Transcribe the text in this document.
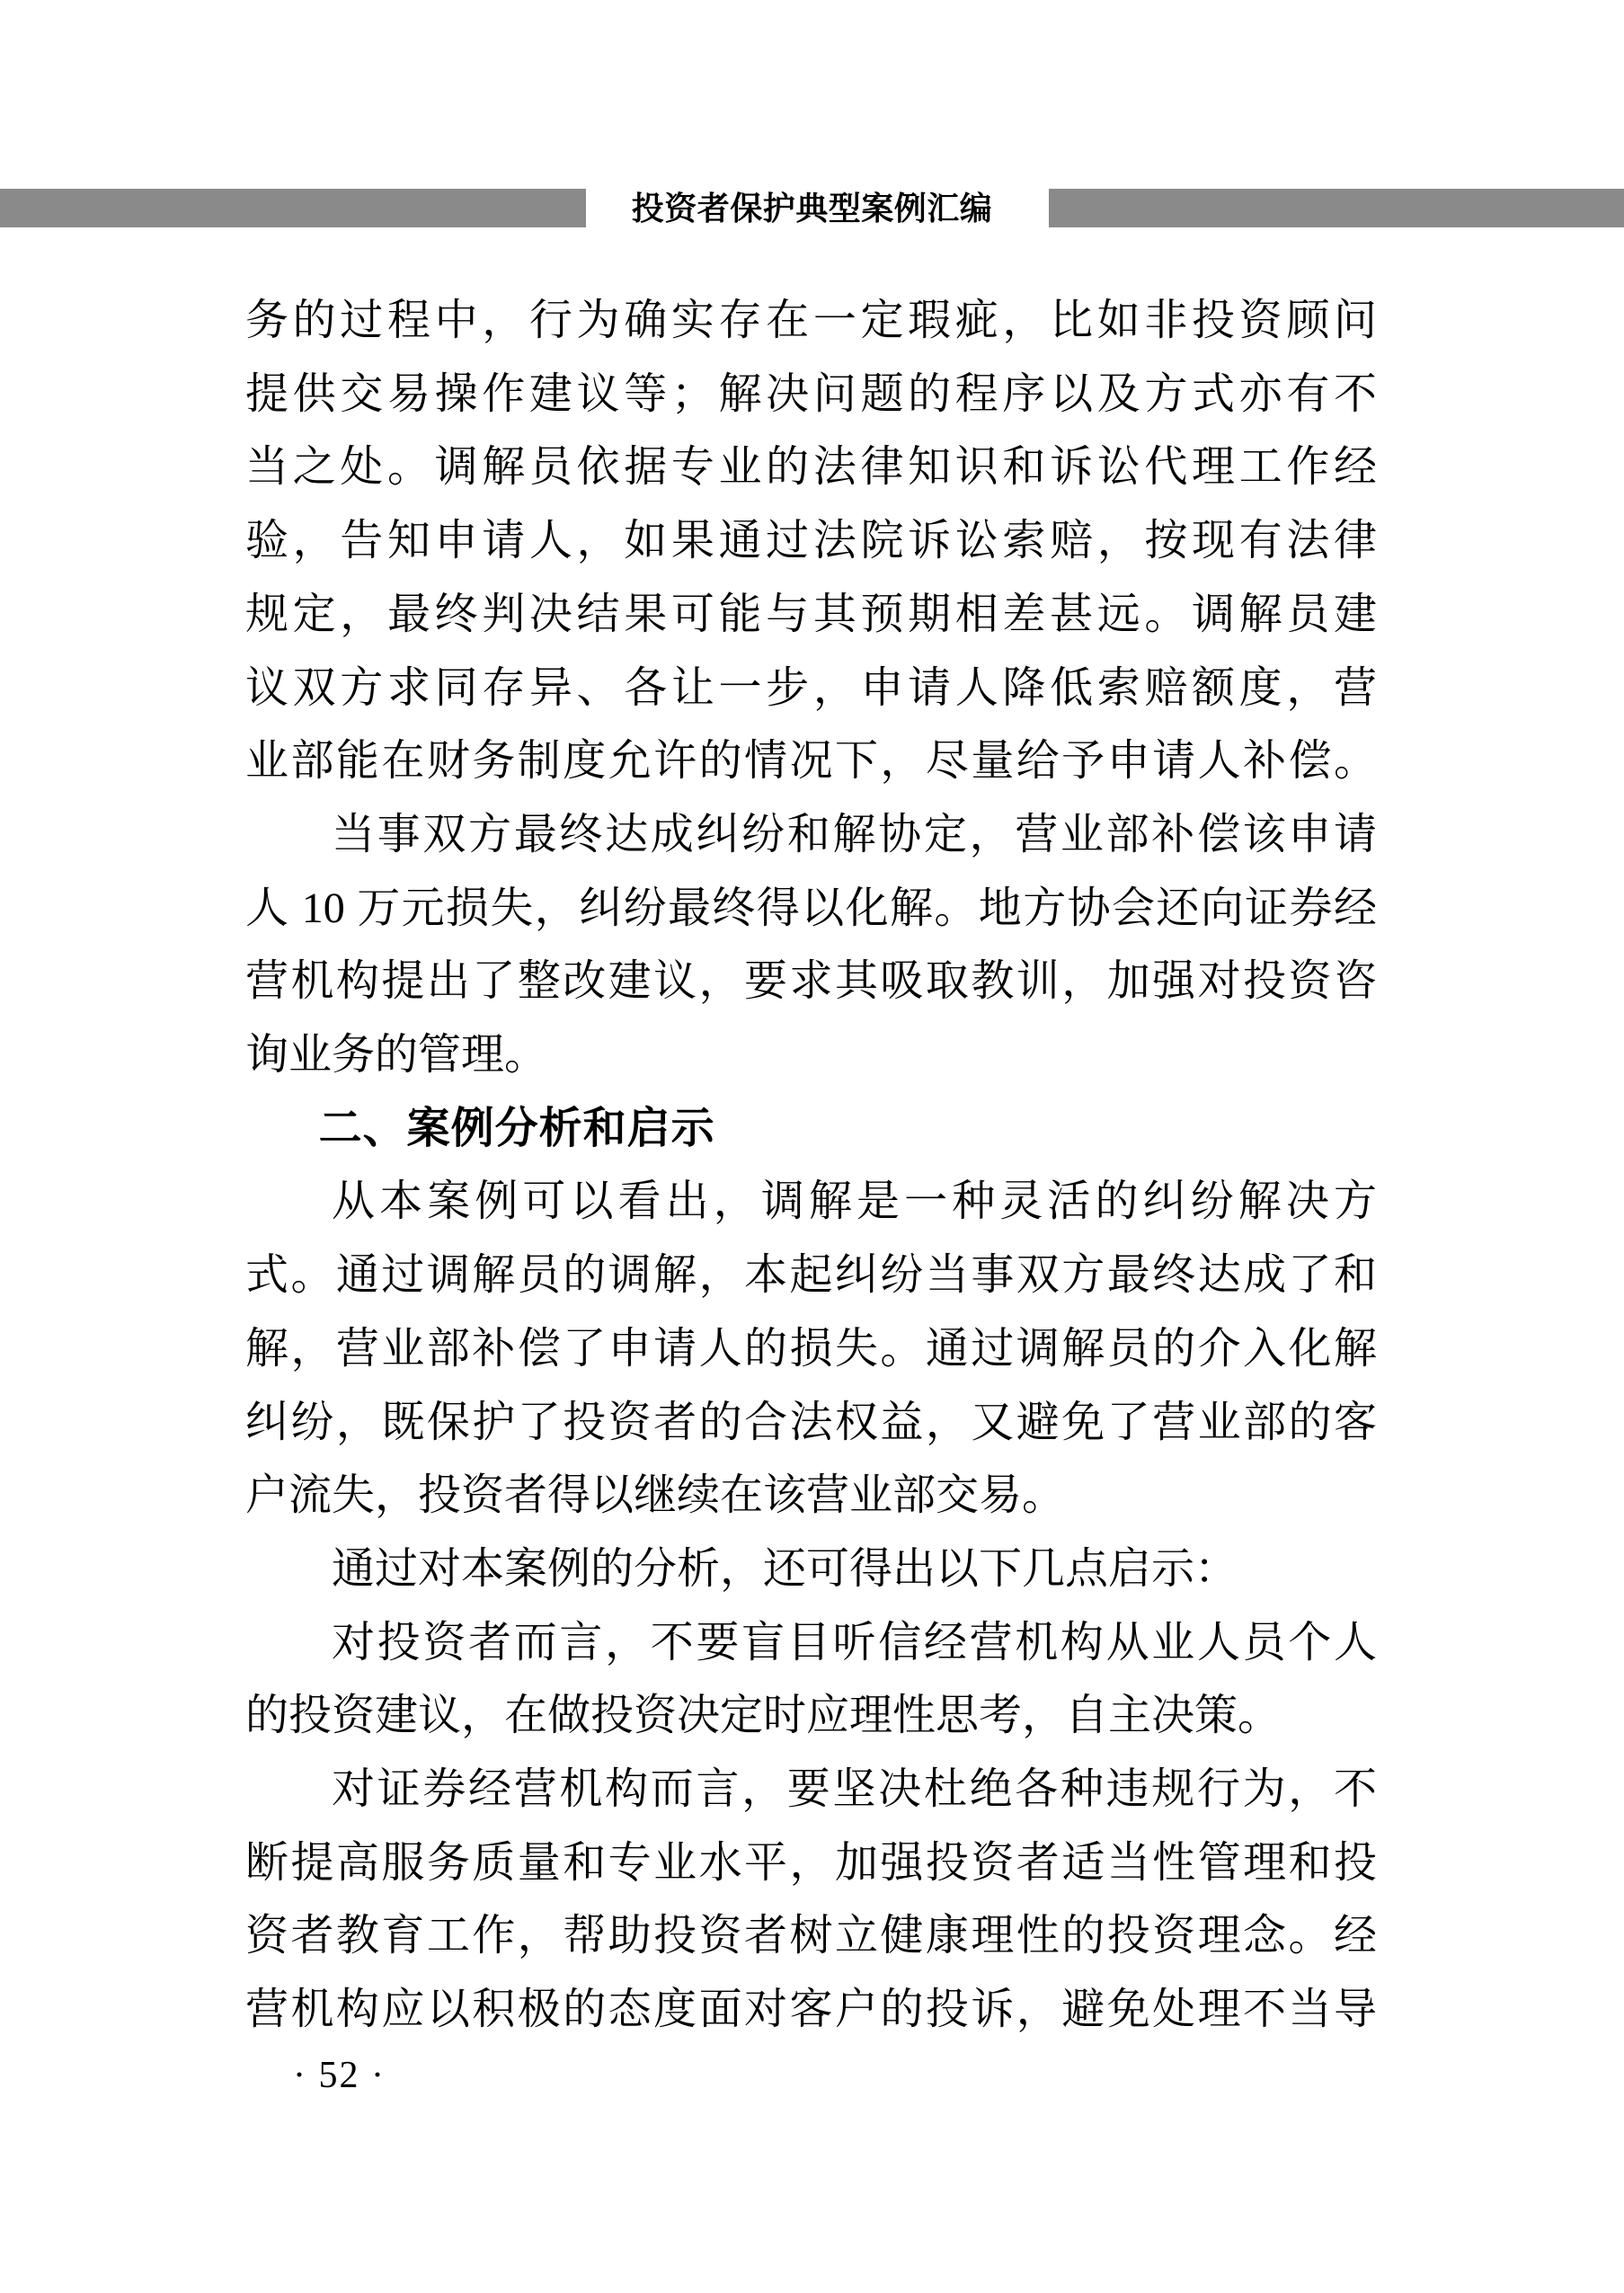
投资者保护典型案例汇编
务的过程中，行为确实存在一定瑕疵，比如非投资顾问
提供交易操作建议等；解决问题的程序以及方式亦有不
当之处。调解员依据专业的法律知识和诉讼代理工作经
验，告知申请人，如果通过法院诉讼索赔，按现有法律
规定，最终判决结果可能与其预期相差甚远。调解员建
议双方求同存异、各让一步，申请人降低索赔额度，营
业部能在财务制度允许的情况下，尽量给予申请人补偿。
当事双方最终达成纠纷和解协定，营业部补偿该申请
人 10 万元损失，纠纷最终得以化解。地方协会还向证券经
营机构提出了整改建议，要求其吸取教训，加强对投资咨
询业务的管理。
二、案例分析和启示
从本案例可以看出，调解是一种灵活的纠纷解决方
式。通过调解员的调解，本起纠纷当事双方最终达成了和
解，营业部补偿了申请人的损失。通过调解员的介入化解
纠纷，既保护了投资者的合法权益，又避免了营业部的客
户流失，投资者得以继续在该营业部交易。
通过对本案例的分析，还可得出以下几点启示：
对投资者而言，不要盲目听信经营机构从业人员个人
的投资建议，在做投资决定时应理性思考，自主决策。
对证券经营机构而言，要坚决杜绝各种违规行为，不
断提高服务质量和专业水平，加强投资者适当性管理和投
资者教育工作，帮助投资者树立健康理性的投资理念。经
营机构应以积极的态度面对客户的投诉，避免处理不当导
· 52 ·
